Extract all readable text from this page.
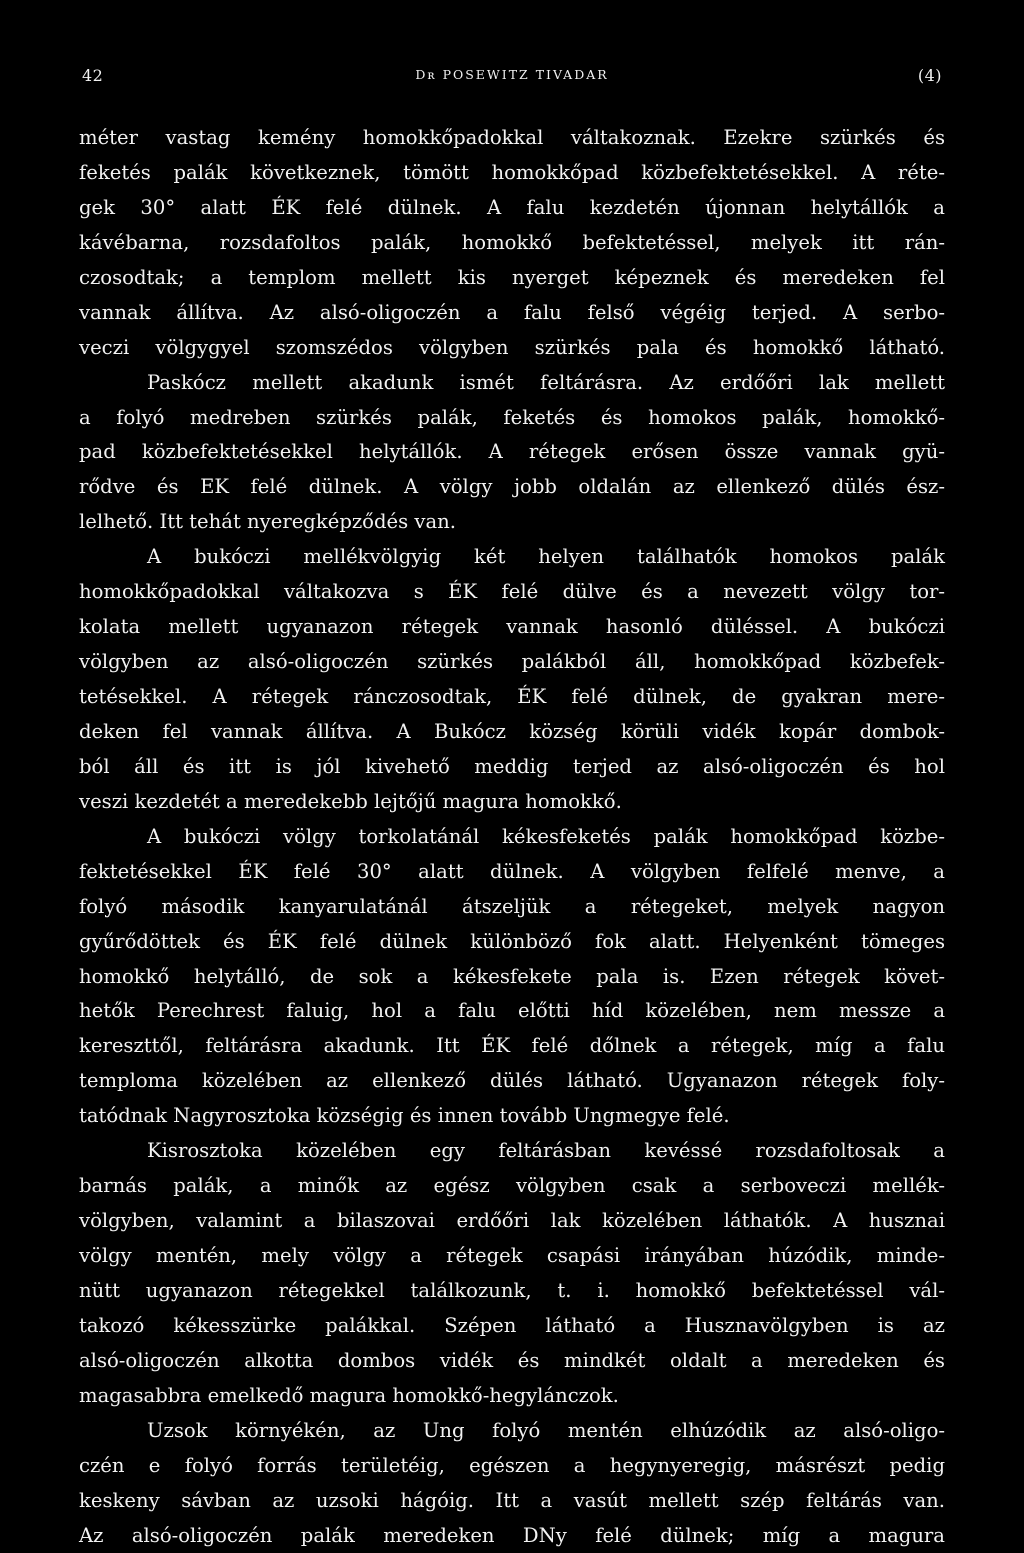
42	Dʀ POSEWITZ TIVADAR	(4)
méter vastag kemény homokkőpadokkal váltakoznak. Ezekre szürkés és
feketés palák következnek, tömött homokkőpad közbefektetésekkel. A réte-
gek 30° alatt ÉK felé dülnek. A falu kezdetén újonnan helytállók a
kávébarna, rozsdafoltos palák, homokkő befektetéssel, melyek itt rán-
czosodtak; a templom mellett kis nyerget képeznek és meredeken fel
vannak állítva. Az alsó-oligoczén a falu felső végéig terjed. A serbo-
veczi völgygyel szomszédos völgyben szürkés pala és homokkő látható.
Paskócz mellett akadunk ismét feltárásra. Az erdőőri lak mellett
a folyó medreben szürkés palák, feketés és homokos palák, homokkő-
pad közbefektetésekkel helytállók. A rétegek erősen össze vannak gyü-
rődve és EK felé dülnek. A völgy jobb oldalán az ellenkező dülés ész-
lelhető. Itt tehát nyeregképződés van.
A bukóczi mellékvölgyig két helyen találhatók homokos palák
homokkőpadokkal váltakozva s ÉK felé dülve és a nevezett völgy tor-
kolata mellett ugyanazon rétegek vannak hasonló düléssel. A bukóczi
völgyben az alsó-oligoczén szürkés palákból áll, homokkőpad közbefek-
tetésekkel. A rétegek ránczosodtak, ÉK felé dülnek, de gyakran mere-
deken fel vannak állítva. A Bukócz község körüli vidék kopár dombok-
ból áll és itt is jól kivehető meddig terjed az alsó-oligoczén és hol
veszi kezdetét a meredekebb lejtőjű magura homokkő.
A bukóczi völgy torkolatánál kékesfeketés palák homokkőpad közbe-
fektetésekkel ÉK felé 30° alatt dülnek. A völgyben felfelé menve, a
folyó második kanyarulatánál átszeljük a rétegeket, melyek nagyon
gyűrődöttek és ÉK felé dülnek különböző fok alatt. Helyenként tömeges
homokkő helytálló, de sok a kékesfekete pala is. Ezen rétegek követ-
hetők Perechrest faluig, hol a falu előtti híd közelében, nem messze a
kereszttől, feltárásra akadunk. Itt ÉK felé dőlnek a rétegek, míg a falu
temploma közelében az ellenkező dülés látható. Ugyanazon rétegek foly-
tatódnak Nagyrosztoka községig és innen tovább Ungmegye felé.
Kisrosztoka közelében egy feltárásban kevéssé rozsdafoltosak a
barnás palák, a minők az egész völgyben csak a serboveczi mellék-
völgyben, valamint a bilaszovai erdőőri lak közelében láthatók. A husznai
völgy mentén, mely völgy a rétegek csapási irányában húzódik, minde-
nütt ugyanazon rétegekkel találkozunk, t. i. homokkő befektetéssel vál-
takozó kékesszürke palákkal. Szépen látható a Husznavölgyben is az
alsó-oligoczén alkotta dombos vidék és mindkét oldalt a meredeken és
magasabbra emelkedő magura homokkő-hegylánczok.
Uzsok környékén, az Ung folyó mentén elhúzódik az alsó-oligo-
czén e folyó forrás területéig, egészen a hegynyeregig, másrészt pedig
keskeny sávban az uzsoki hágóig. Itt a vasút mellett szép feltárás van.
Az alsó-oligoczén palák meredeken DNy felé dülnek; míg a magura
